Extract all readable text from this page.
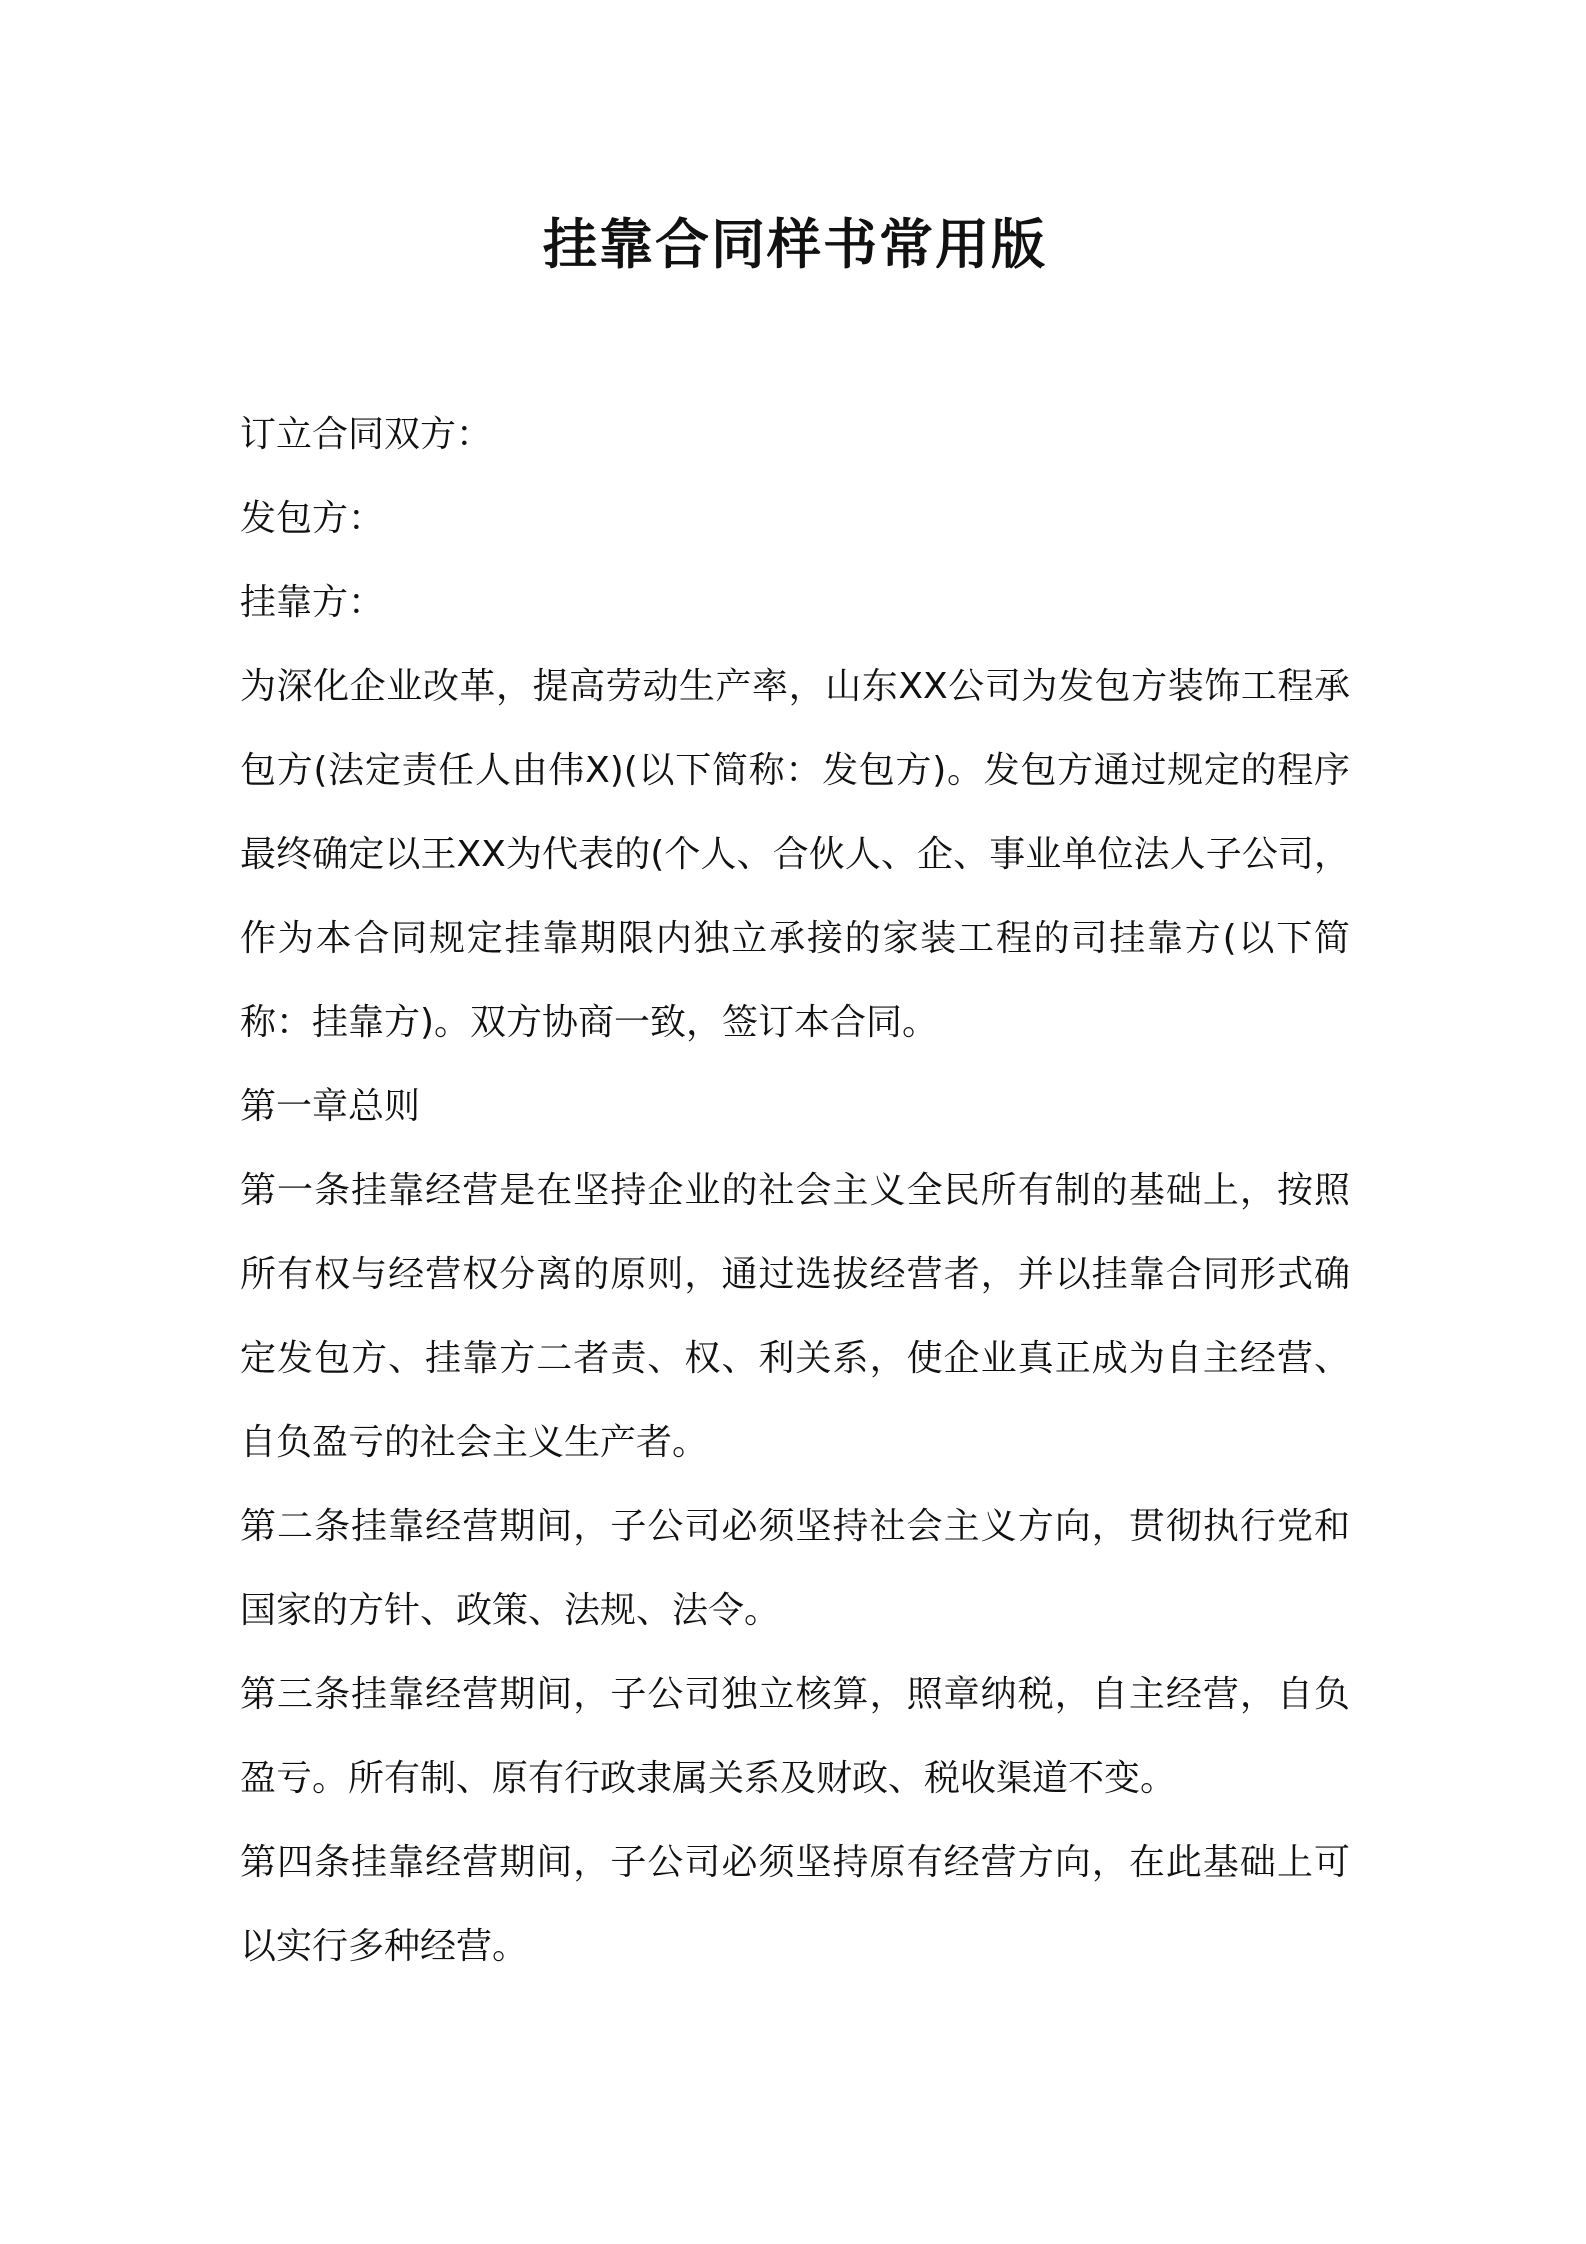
挂靠合同样书常用版

订立合同双方：

发包方：

挂靠方：

为深化企业改革，提高劳动生产率，山东XX公司为发包方装饰工程承包方(法定责任人由伟X)(以下简称：发包方)。发包方通过规定的程序最终确定以王XX为代表的(个人、合伙人、企、事业单位法人子公司，作为本合同规定挂靠期限内独立承接的家装工程的司挂靠方(以下简称：挂靠方)。双方协商一致，签订本合同。

第一章总则

第一条挂靠经营是在坚持企业的社会主义全民所有制的基础上，按照所有权与经营权分离的原则，通过选拔经营者，并以挂靠合同形式确定发包方、挂靠方二者责、权、利关系，使企业真正成为自主经营、自负盈亏的社会主义生产者。

第二条挂靠经营期间，子公司必须坚持社会主义方向，贯彻执行党和国家的方针、政策、法规、法令。

第三条挂靠经营期间，子公司独立核算，照章纳税，自主经营，自负盈亏。所有制、原有行政隶属关系及财政、税收渠道不变。

第四条挂靠经营期间，子公司必须坚持原有经营方向，在此基础上可以实行多种经营。
